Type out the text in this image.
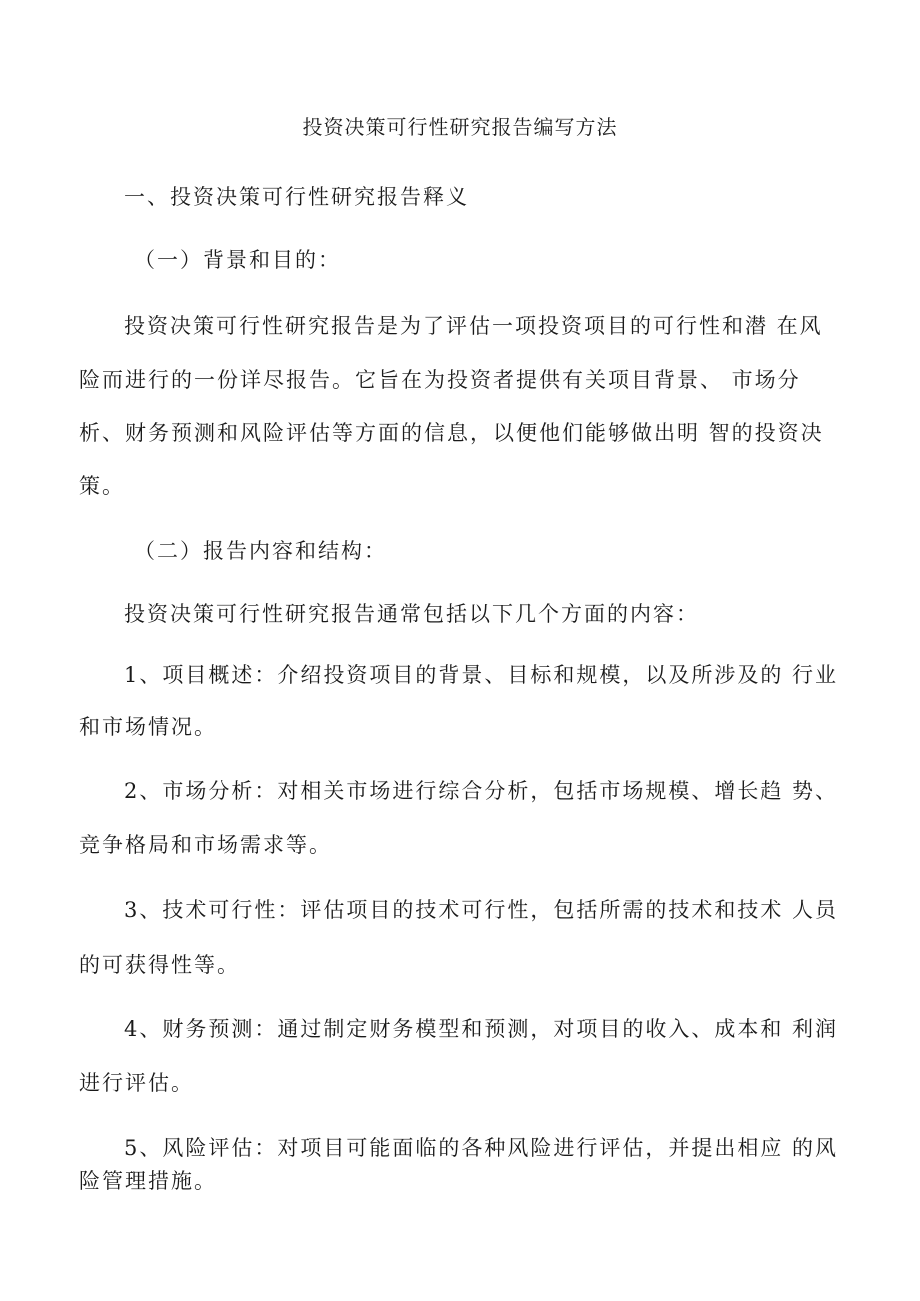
投资决策可行性研究报告编写方法
一、投资决策可行性研究报告释义
（一）背景和目的：
投资决策可行性研究报告是为了评估一项投资项目的可行性和潜 在风
险而进行的一份详尽报告。它旨在为投资者提供有关项目背景、 市场分
析、财务预测和风险评估等方面的信息，以便他们能够做出明 智的投资决
策。
（二）报告内容和结构：
投资决策可行性研究报告通常包括以下几个方面的内容：
1、项目概述：介绍投资项目的背景、目标和规模，以及所涉及的 行业
和市场情况。
2、市场分析：对相关市场进行综合分析，包括市场规模、增长趋 势、
竞争格局和市场需求等。
3、技术可行性：评估项目的技术可行性，包括所需的技术和技术 人员
的可获得性等。
4、财务预测：通过制定财务模型和预测，对项目的收入、成本和 利润
进行评估。
5、风险评估：对项目可能面临的各种风险进行评估，并提出相应 的风
险管理措施。
